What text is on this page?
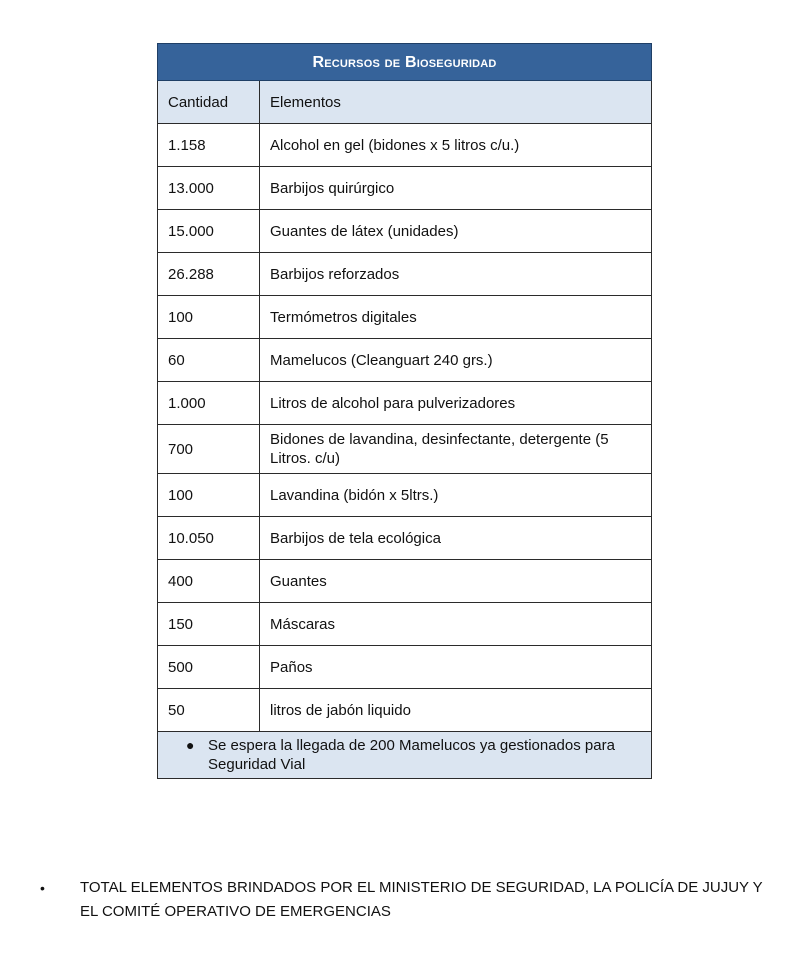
Recursos de Bioseguridad	
Cantidad	Elementos
1.158	Alcohol en gel (bidones x 5 litros c/u.)
13.000	Barbijos quirúrgico
15.000	Guantes de látex (unidades)
26.288	Barbijos reforzados
100	Termómetros digitales
60	Mamelucos (Cleanguart 240 grs.)
1.000	Litros de alcohol para pulverizadores
700	Bidones de lavandina, desinfectante, detergente (5 Litros. c/u)
100	Lavandina (bidón x 5ltrs.)
10.050	Barbijos de tela ecológica
400	Guantes
150	Máscaras
500	Paños
50	litros de jabón liquido

● Se espera la llegada de 200 Mamelucos ya gestionados para Seguridad Vial	
• TOTAL ELEMENTOS BRINDADOS POR EL MINISTERIO DE SEGURIDAD, LA POLICÍA DE JUJUY Y EL COMITÉ OPERATIVO DE EMERGENCIAS
